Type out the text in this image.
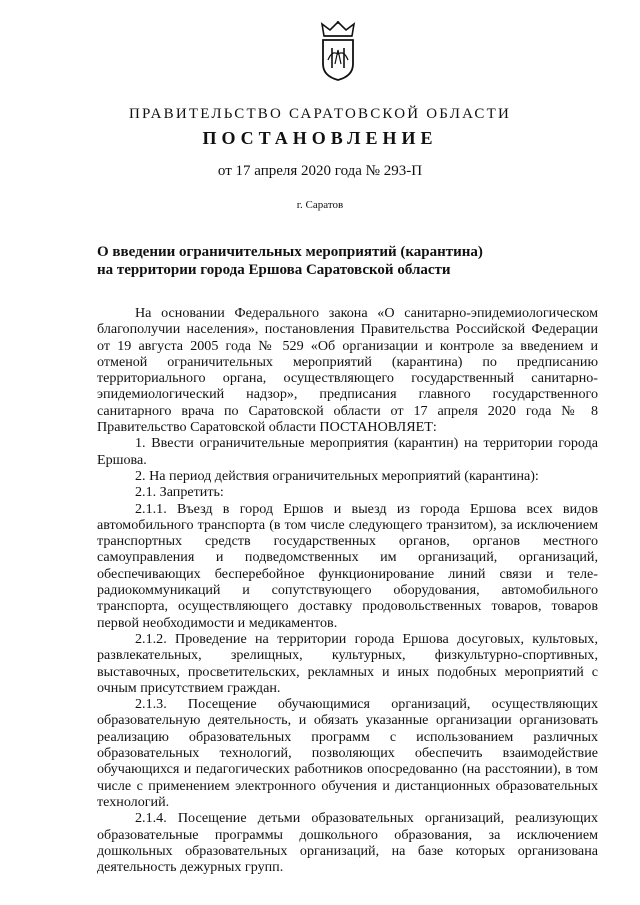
ПРАВИТЕЛЬСТВО САРАТОВСКОЙ ОБЛАСТИ
ПОСТАНОВЛЕНИЕ
от 17 апреля 2020 года № 293-П
г. Саратов
О введении ограничительных мероприятий (карантина)
на территории города Ершова Саратовской области

На основании Федерального закона «О санитарно-эпидемиологическом благополучии населения», постановления Правительства Российской Федерации от 19 августа 2005 года № 529 «Об организации и контроле за введением и отменой ограничительных мероприятий (карантина) по предписанию территориального органа, осуществляющего государственный санитарно-эпидемиологический надзор», предписания главного государственного санитарного врача по Саратовской области от 17 апреля 2020 года № 8 Правительство Саратовской области ПОСТАНОВЛЯЕТ:

1. Ввести ограничительные мероприятия (карантин) на территории города Ершова.

2. На период действия ограничительных мероприятий (карантина):

2.1. Запретить:

2.1.1. Въезд в город Ершов и выезд из города Ершова всех видов автомобильного транспорта (в том числе следующего транзитом), за исключением транспортных средств государственных органов, органов местного самоуправления и подведомственных им организаций, организаций, обеспечивающих бесперебойное функционирование линий связи и теле-радиокоммуникаций и сопутствующего оборудования, автомобильного транспорта, осуществляющего доставку продовольственных товаров, товаров первой необходимости и медикаментов.

2.1.2. Проведение на территории города Ершова досуговых, культовых, развлекательных, зрелищных, культурных, физкультурно-спортивных, выставочных, просветительских, рекламных и иных подобных мероприятий с очным присутствием граждан.

2.1.3. Посещение обучающимися организаций, осуществляющих образовательную деятельность, и обязать указанные организации организовать реализацию образовательных программ с использованием различных образовательных технологий, позволяющих обеспечить взаимодействие обучающихся и педагогических работников опосредованно (на расстоянии), в том числе с применением электронного обучения и дистанционных образовательных технологий.

2.1.4. Посещение детьми образовательных организаций, реализующих образовательные программы дошкольного образования, за исключением дошкольных образовательных организаций, на базе которых организована деятельность дежурных групп.
